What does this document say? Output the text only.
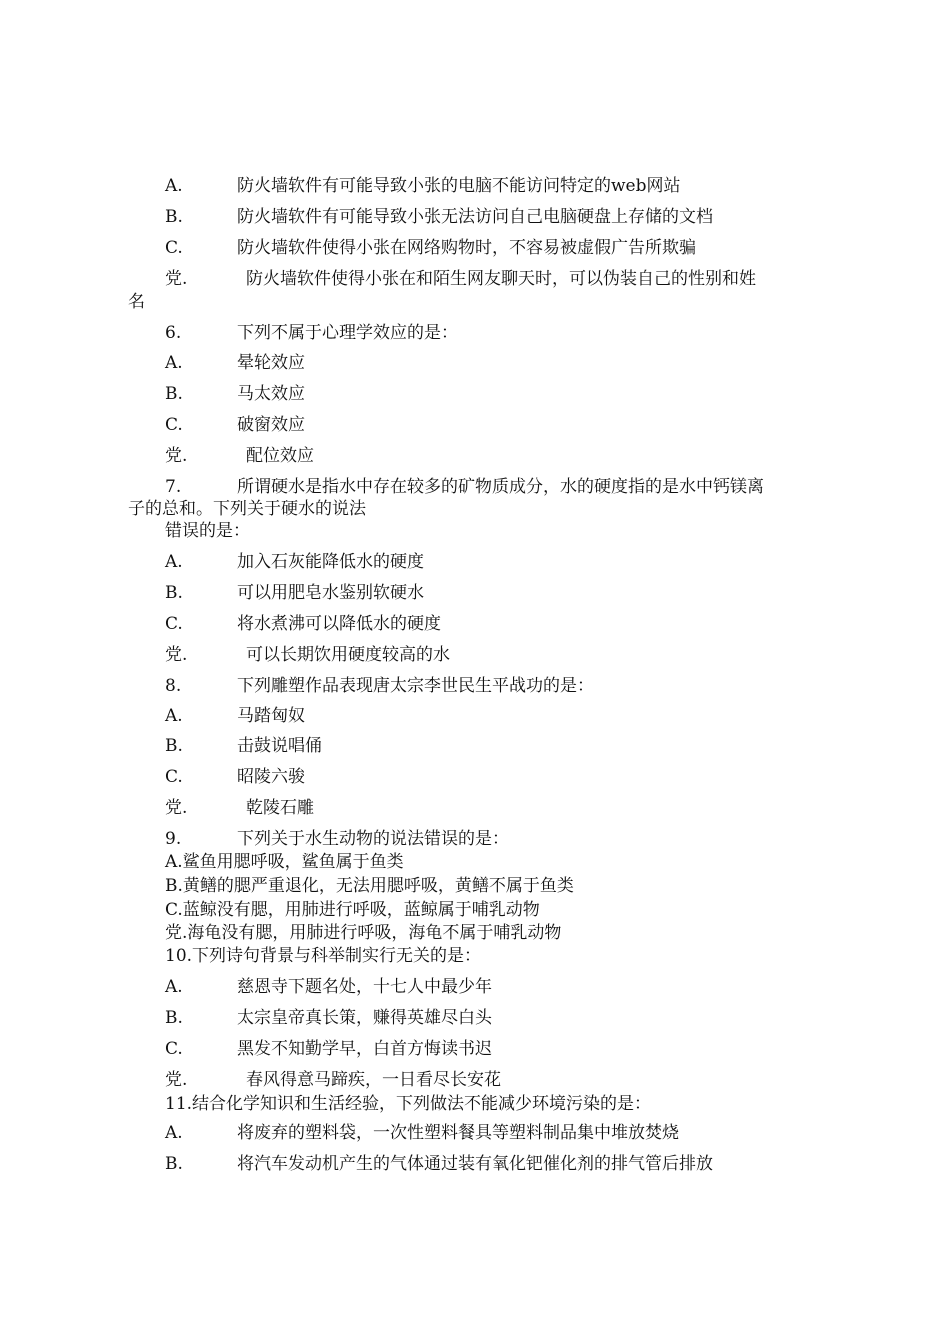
A.	防火墙软件有可能导致小张的电脑不能访问特定的web网站
B.	防火墙软件有可能导致小张无法访问自己电脑硬盘上存储的文档
C.	防火墙软件使得小张在网络购物时，不容易被虚假广告所欺骗
党.	防火墙软件使得小张在和陌生网友聊天时，可以伪装自己的性别和姓
名
6.	下列不属于心理学效应的是：
A.	晕轮效应
B.	马太效应
C.	破窗效应
党.	配位效应
7.	所谓硬水是指水中存在较多的矿物质成分，水的硬度指的是水中钙镁离
子的总和。下列关于硬水的说法
错误的是：
A.	加入石灰能降低水的硬度
B.	可以用肥皂水鉴别软硬水
C.	将水煮沸可以降低水的硬度
党.	可以长期饮用硬度较高的水
8.	下列雕塑作品表现唐太宗李世民生平战功的是：
A.	马踏匈奴
B.	击鼓说唱俑
C.	昭陵六骏
党.	乾陵石雕
9.	下列关于水生动物的说法错误的是：
A.鲨鱼用腮呼吸，鲨鱼属于鱼类
B.黄鳝的腮严重退化，无法用腮呼吸，黄鳝不属于鱼类
C.蓝鲸没有腮，用肺进行呼吸，蓝鲸属于哺乳动物
党.海龟没有腮，用肺进行呼吸，海龟不属于哺乳动物
10.下列诗句背景与科举制实行无关的是：
A.	慈恩寺下题名处，十七人中最少年
B.	太宗皇帝真长策，赚得英雄尽白头
C.	黑发不知勤学早，白首方悔读书迟
党.	春风得意马蹄疾，一日看尽长安花
11.结合化学知识和生活经验，下列做法不能减少环境污染的是：
A.	将废弃的塑料袋，一次性塑料餐具等塑料制品集中堆放焚烧
B.	将汽车发动机产生的气体通过装有氧化钯催化剂的排气管后排放
